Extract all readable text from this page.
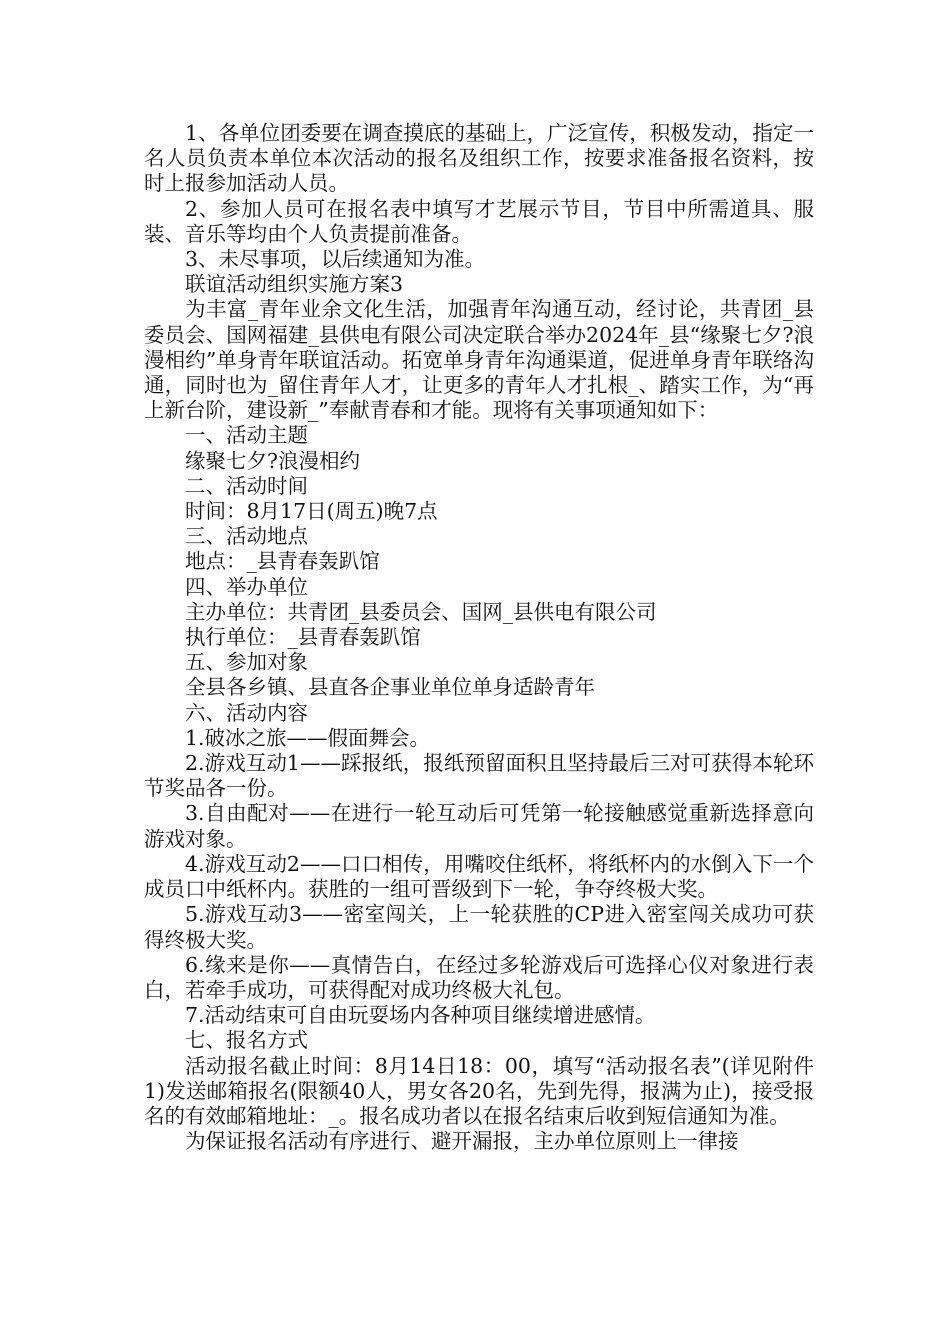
1、各单位团委要在调查摸底的基础上，广泛宣传，积极发动，指定一名人员负责本单位本次活动的报名及组织工作，按要求准备报名资料，按时上报参加活动人员。

2、参加人员可在报名表中填写才艺展示节目，节目中所需道具、服装、音乐等均由个人负责提前准备。

3、未尽事项，以后续通知为准。

联谊活动组织实施方案3

为丰富_青年业余文化生活，加强青年沟通互动，经讨论，共青团_县委员会、国网福建_县供电有限公司决定联合举办2024年_县“缘聚七夕?浪漫相约”单身青年联谊活动。拓宽单身青年沟通渠道，促进单身青年联络沟通，同时也为_留住青年人才，让更多的青年人才扎根_、踏实工作，为“再上新台阶，建设新_”奉献青春和才能。现将有关事项通知如下：

一、活动主题

缘聚七夕?浪漫相约

二、活动时间

时间：8月17日(周五)晚7点

三、活动地点

地点：_县青春轰趴馆

四、举办单位

主办单位：共青团_县委员会、国网_县供电有限公司

执行单位：_县青春轰趴馆

五、参加对象

全县各乡镇、县直各企事业单位单身适龄青年

六、活动内容

1.破冰之旅——假面舞会。

2.游戏互动1——踩报纸，报纸预留面积且坚持最后三对可获得本轮环节奖品各一份。

3.自由配对——在进行一轮互动后可凭第一轮接触感觉重新选择意向游戏对象。

4.游戏互动2——口口相传，用嘴咬住纸杯，将纸杯内的水倒入下一个成员口中纸杯内。获胜的一组可晋级到下一轮，争夺终极大奖。

5.游戏互动3——密室闯关，上一轮获胜的CP进入密室闯关成功可获得终极大奖。

6.缘来是你——真情告白，在经过多轮游戏后可选择心仪对象进行表白，若牵手成功，可获得配对成功终极大礼包。

7.活动结束可自由玩耍场内各种项目继续增进感情。

七、报名方式

活动报名截止时间：8月14日18：00，填写“活动报名表”(详见附件1)发送邮箱报名(限额40人，男女各20名，先到先得，报满为止)，接受报名的有效邮箱地址：_。报名成功者以在报名结束后收到短信通知为准。

为保证报名活动有序进行、避开漏报，主办单位原则上一律接
